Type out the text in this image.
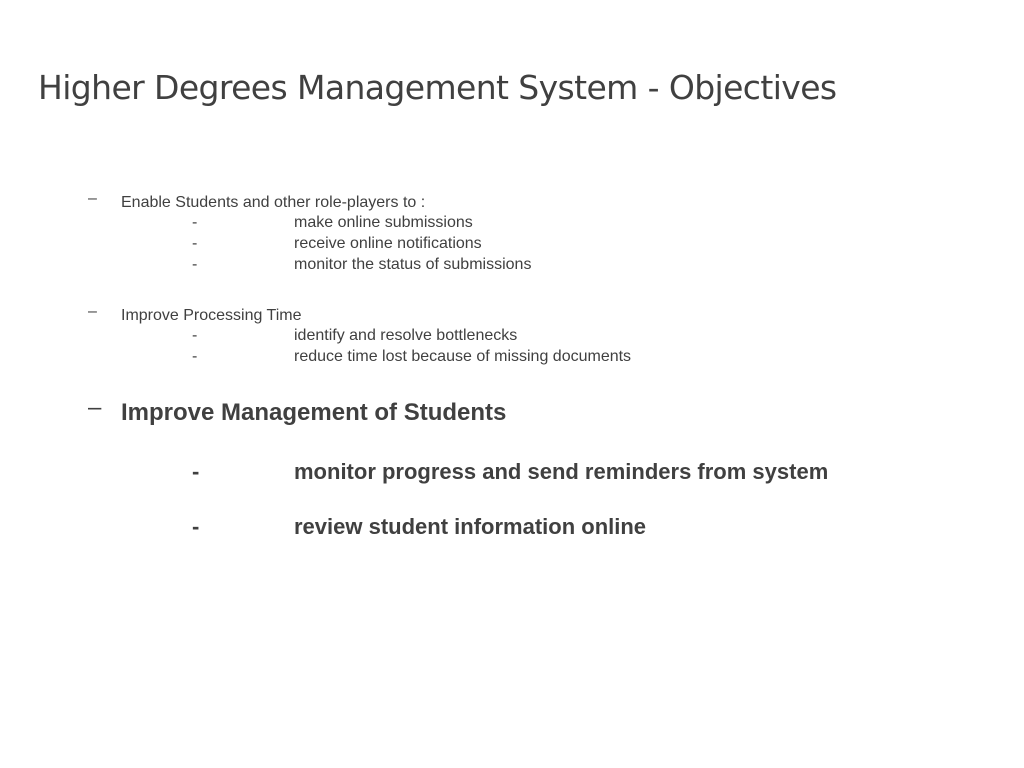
Higher Degrees Management System - Objectives
– Enable Students and other role-players to :
-	make online submissions
-	receive online notifications
-	monitor the status of submissions
– Improve Processing Time
-	identify and resolve bottlenecks
-	reduce time lost because of missing documents
– Improve Management of Students
-	monitor progress and send reminders from system
-	review student information online
